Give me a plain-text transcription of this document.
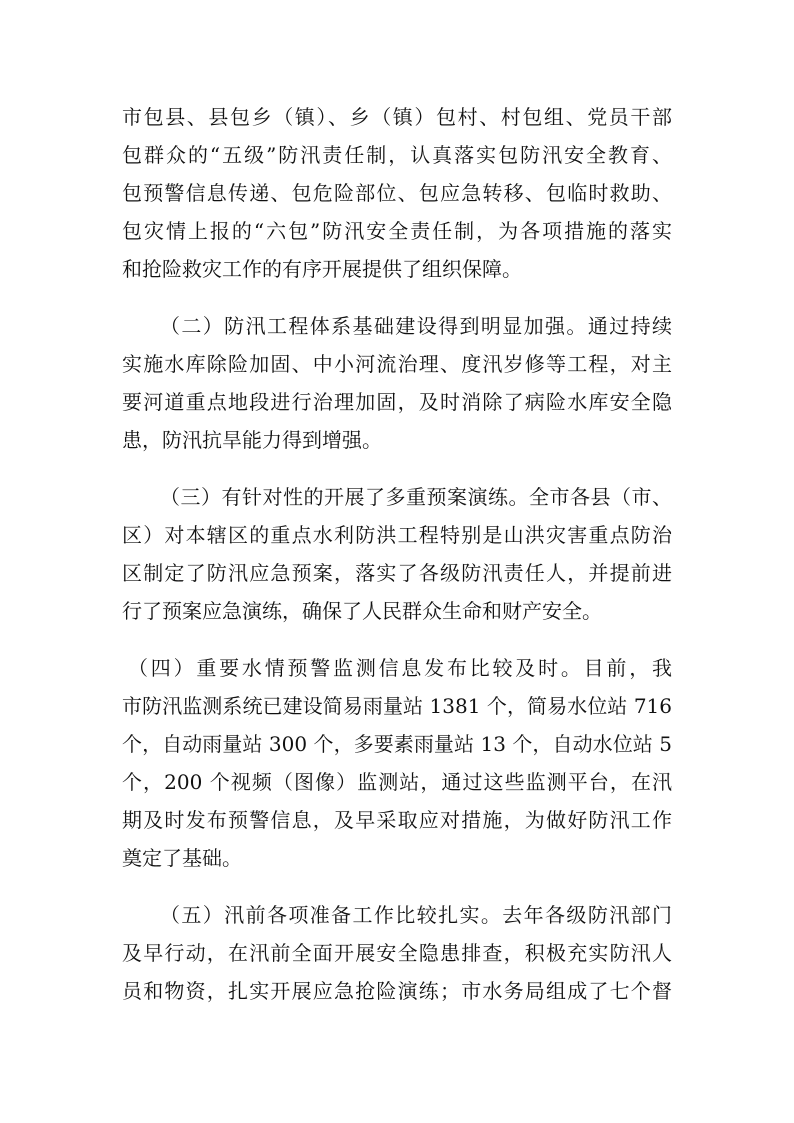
市包县、县包乡（镇）、乡（镇）包村、村包组、党员干部
包群众的“五级”防汛责任制，认真落实包防汛安全教育、
包预警信息传递、包危险部位、包应急转移、包临时救助、
包灾情上报的“六包”防汛安全责任制，为各项措施的落实
和抢险救灾工作的有序开展提供了组织保障。
（二）防汛工程体系基础建设得到明显加强。通过持续
实施水库除险加固、中小河流治理、度汛岁修等工程，对主
要河道重点地段进行治理加固，及时消除了病险水库安全隐
患，防汛抗旱能力得到增强。
（三）有针对性的开展了多重预案演练。全市各县（市、
区）对本辖区的重点水利防洪工程特别是山洪灾害重点防治
区制定了防汛应急预案，落实了各级防汛责任人，并提前进
行了预案应急演练，确保了人民群众生命和财产安全。
（四）重要水情预警监测信息发布比较及时。目前，我
市防汛监测系统已建设简易雨量站 1381 个，简易水位站 716
个，自动雨量站 300 个，多要素雨量站 13 个，自动水位站 5
个，200 个视频（图像）监测站，通过这些监测平台，在汛
期及时发布预警信息，及早采取应对措施，为做好防汛工作
奠定了基础。
（五）汛前各项准备工作比较扎实。去年各级防汛部门
及早行动，在汛前全面开展安全隐患排查，积极充实防汛人
员和物资，扎实开展应急抢险演练；市水务局组成了七个督
